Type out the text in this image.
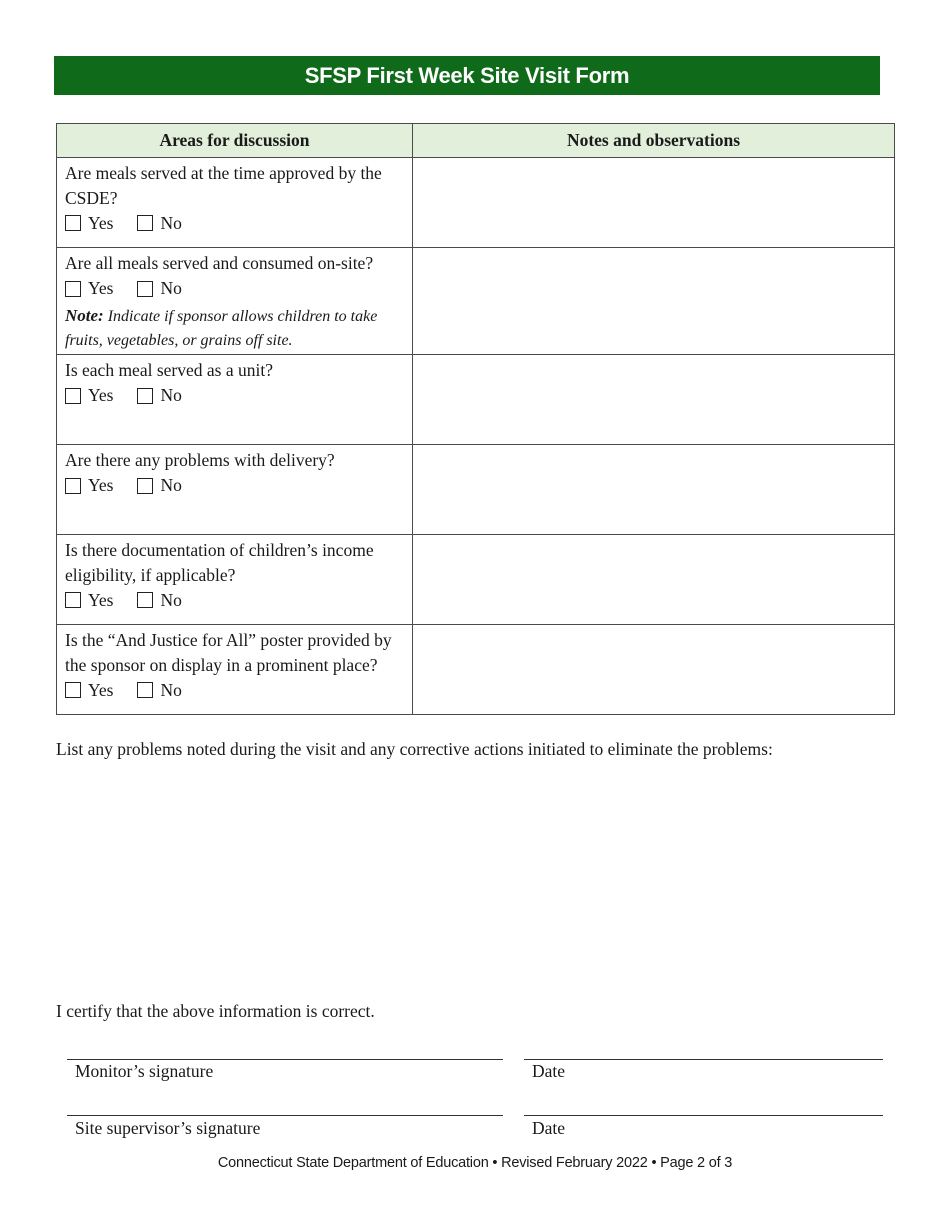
SFSP First Week Site Visit Form
Areas for discussion	Notes and observations

Are meals served at the time approved by the CSDE?
Yes No	

Are all meals served and consumed on-site?
Yes No
Note: Indicate if sponsor allows children to take fruits, vegetables, or grains off site.	

Is each meal served as a unit?
Yes No	

Are there any problems with delivery?
Yes No	

Is there documentation of children’s income eligibility, if applicable?
Yes No	

Is the “And Justice for All” poster provided by the sponsor on display in a prominent place?
Yes No	

List any problems noted during the visit and any corrective actions initiated to eliminate the problems:
I certify that the above information is correct.
Monitor’s signature	Date
Site supervisor’s signature	Date
Connecticut State Department of Education • Revised February 2022 • Page 2 of 3
